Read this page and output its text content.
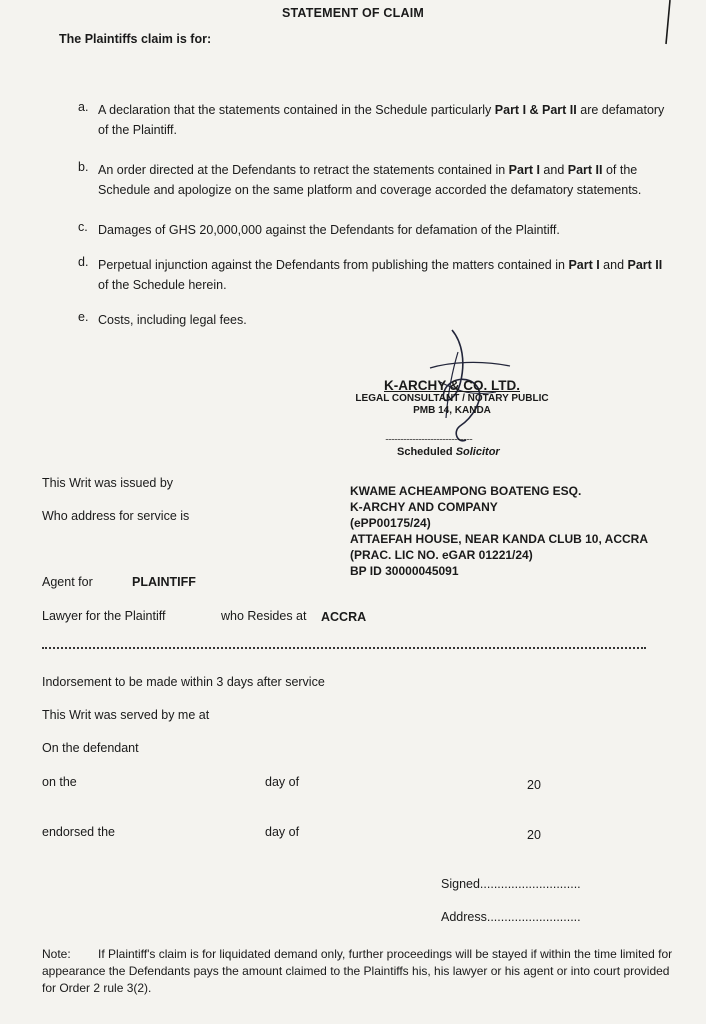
STATEMENT OF CLAIM
The Plaintiffs claim is for:
a. A declaration that the statements contained in the Schedule particularly Part I & Part II are defamatory of the Plaintiff.
b. An order directed at the Defendants to retract the statements contained in Part I and Part II of the Schedule and apologize on the same platform and coverage accorded the defamatory statements.
c. Damages of GHS 20,000,000 against the Defendants for defamation of the Plaintiff.
d. Perpetual injunction against the Defendants from publishing the matters contained in Part I and Part II of the Schedule herein.
e. Costs, including legal fees.
K-ARCHY & CO. LTD.
LEGAL CONSULTANT / NOTARY PUBLIC
PMB 14, KANDA
..........................................................
Scheduled Solicitor
This Writ was issued by
Who address for service is
KWAME ACHEAMPONG BOATENG ESQ.
K-ARCHY AND COMPANY
(ePP00175/24)
ATTAEFAH HOUSE, NEAR KANDA CLUB 10, ACCRA
(PRAC. LIC NO. eGAR 01221/24)
BP ID 30000045091
Agent for	PLAINTIFF
Lawyer for the Plaintiff	who Resides at ACCRA
Indorsement to be made within 3 days after service
This Writ was served by me at
On the defendant
on the	day of	20
endorsed the	day of	20
Signed.............................
Address...........................
Note: If Plaintiff's claim is for liquidated demand only, further proceedings will be stayed if within the time limited for appearance the Defendants pays the amount claimed to the Plaintiffs his, his lawyer or his agent or into court provided for Order 2 rule 3(2).
